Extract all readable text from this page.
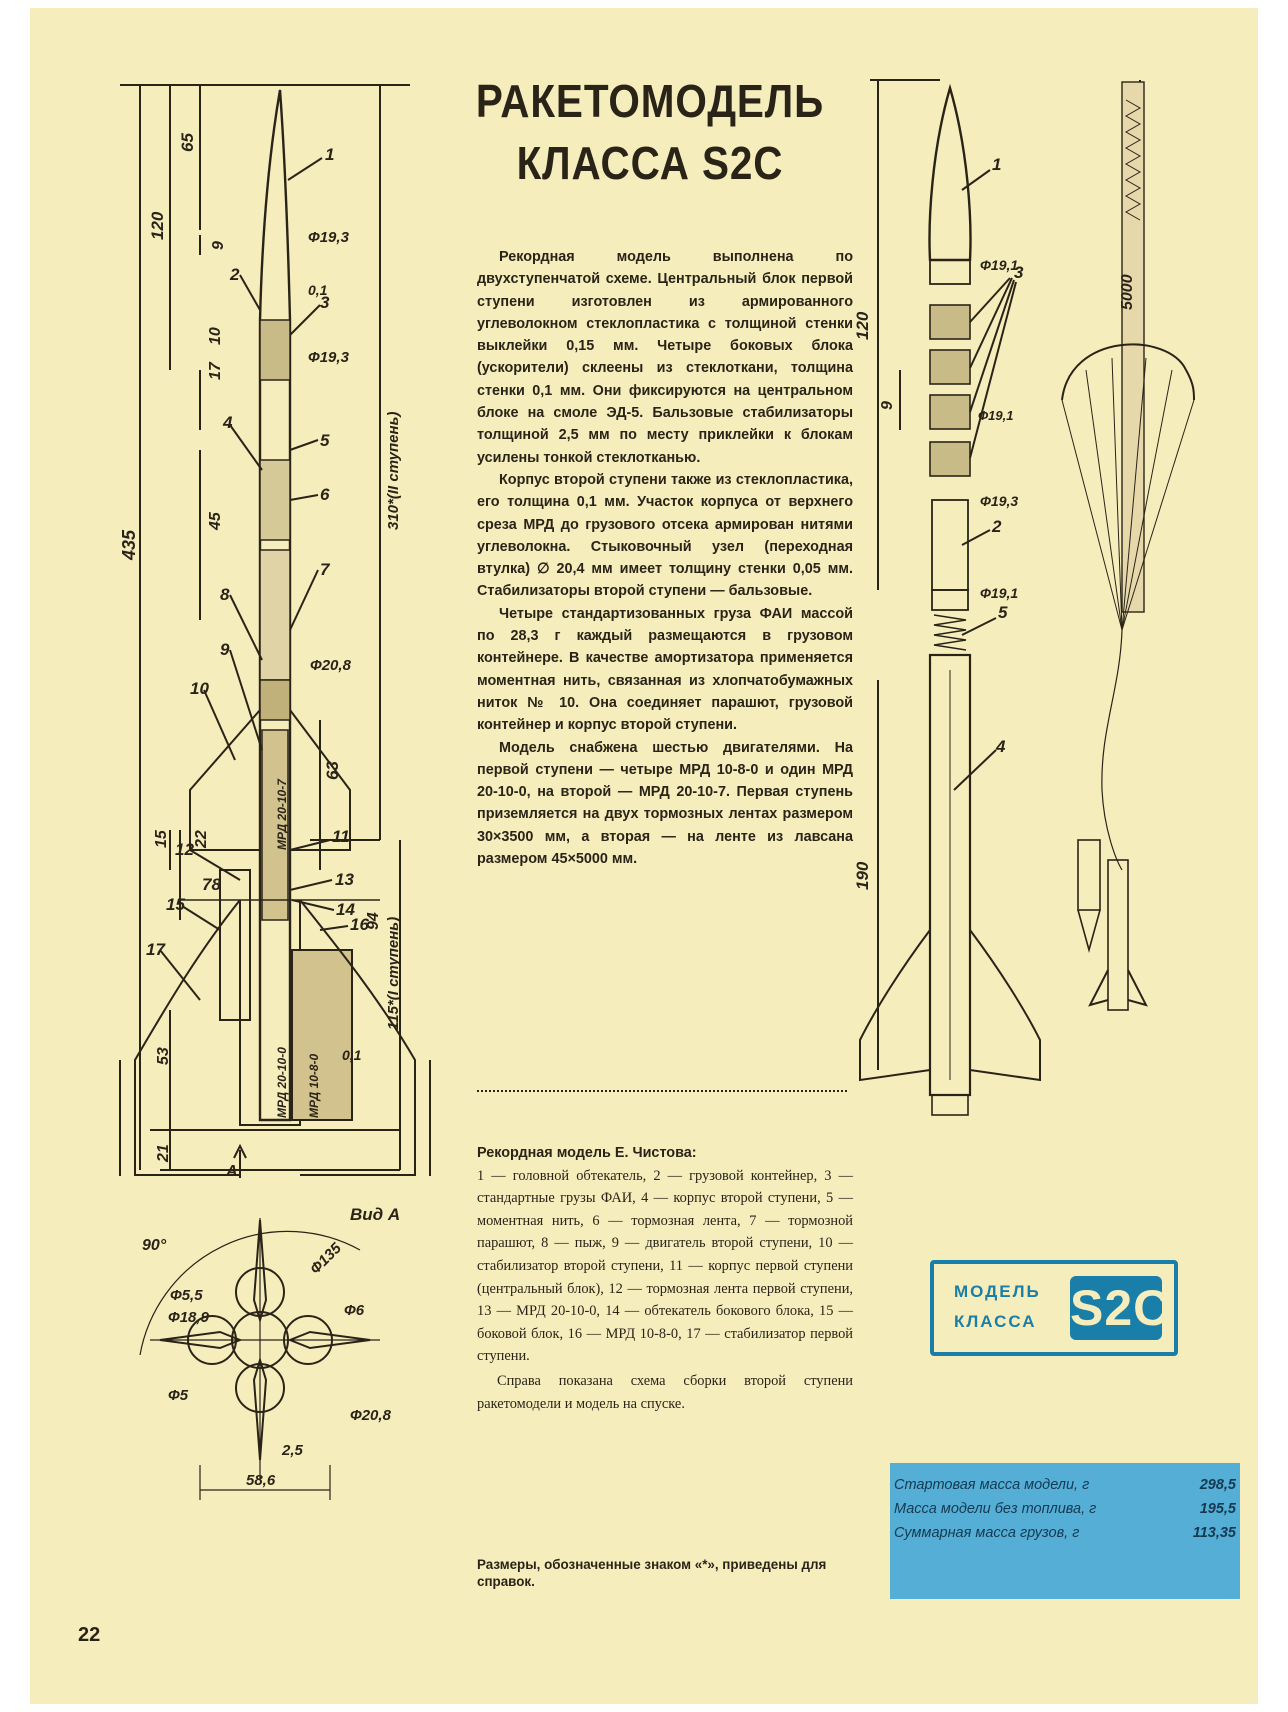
120
65
9
10
17
45
435
310*(II ступень)
115*(I ступень)
94
63
15 22
78
53
21
Ф19,3
Ф19,3
Ф20,8
0,1
0,1
1
2
3
4
5
6
7
8
9
10
11
12
13
14
15
16
17
МРД 20-10-7
МРД 20-10-0 МРД 10-8-0
А
Вид А
90°
Ф5,5
Ф18,9
Ф135
Ф6
Ф5
Ф20,8
2,5
58,6
РАКЕТОМОДЕЛЬ
КЛАССА S2C

Рекордная модель выполнена по двухступенчатой схеме. Центральный блок первой ступени изготовлен из армированного углеволокном стеклопластика с толщиной стенки выклейки 0,15 мм. Четыре боковых блока (ускорители) склеены из стеклоткани, толщина стенки 0,1 мм. Они фиксируются на центральном блоке на смоле ЭД-5. Бальзовые стабилизаторы толщиной 2,5 мм по месту приклейки к блокам усилены тонкой стеклотканью.

Корпус второй ступени также из стеклопластика, его толщина 0,1 мм. Участок корпуса от верхнего среза МРД до грузового отсека армирован нитями углеволокна. Стыковочный узел (переходная втулка) ∅ 20,4 мм имеет толщину стенки 0,05 мм. Стабилизаторы второй ступени — бальзовые.

Четыре стандартизованных груза ФАИ массой по 28,3 г каждый размещаются в грузовом контейнере. В качестве амортизатора применяется моментная нить, связанная из хлопчатобумажных ниток № 10. Она соединяет парашют, грузовой контейнер и корпус второй ступени.

Модель снабжена шестью двигателями. На первой ступени — четыре МРД 10-8-0 и один МРД 20-10-0, на второй — МРД 20-10-7. Первая ступень приземляется на двух тормозных лентах размером 30×3500 мм, а вторая — на ленте из лавсана размером 45×5000 мм.

Рекордная модель Е. Чистова:

1 — головной обтекатель, 2 — грузовой контейнер, 3 — стандартные грузы ФАИ, 4 — корпус второй ступени, 5 — моментная нить, 6 — тормозная лента, 7 — тормозной парашют, 8 — пыж, 9 — двигатель второй ступени, 10 — стабилизатор второй ступени, 11 — корпус первой ступени (центральный блок), 12 — тормозная лента первой ступени, 13 — МРД 20-10-0, 14 — обтекатель бокового блока, 15 — боковой блок, 16 — МРД 10-8-0, 17 — стабилизатор первой ступени.

Справа показана схема сборки второй ступени ракетомодели и модель на спуске.

Размеры, обозначенные знаком «*», приведены для справок.
120
9
190
5000
Ф19,1
Ф19,1
Ф19,3
Ф19,1
1
2
3
4
5
МОДЕЛЬ
КЛАССА S2C
Стартовая масса модели, г	298,5
Масса модели без топлива, г	195,5
Суммарная масса грузов, г	113,35
22
